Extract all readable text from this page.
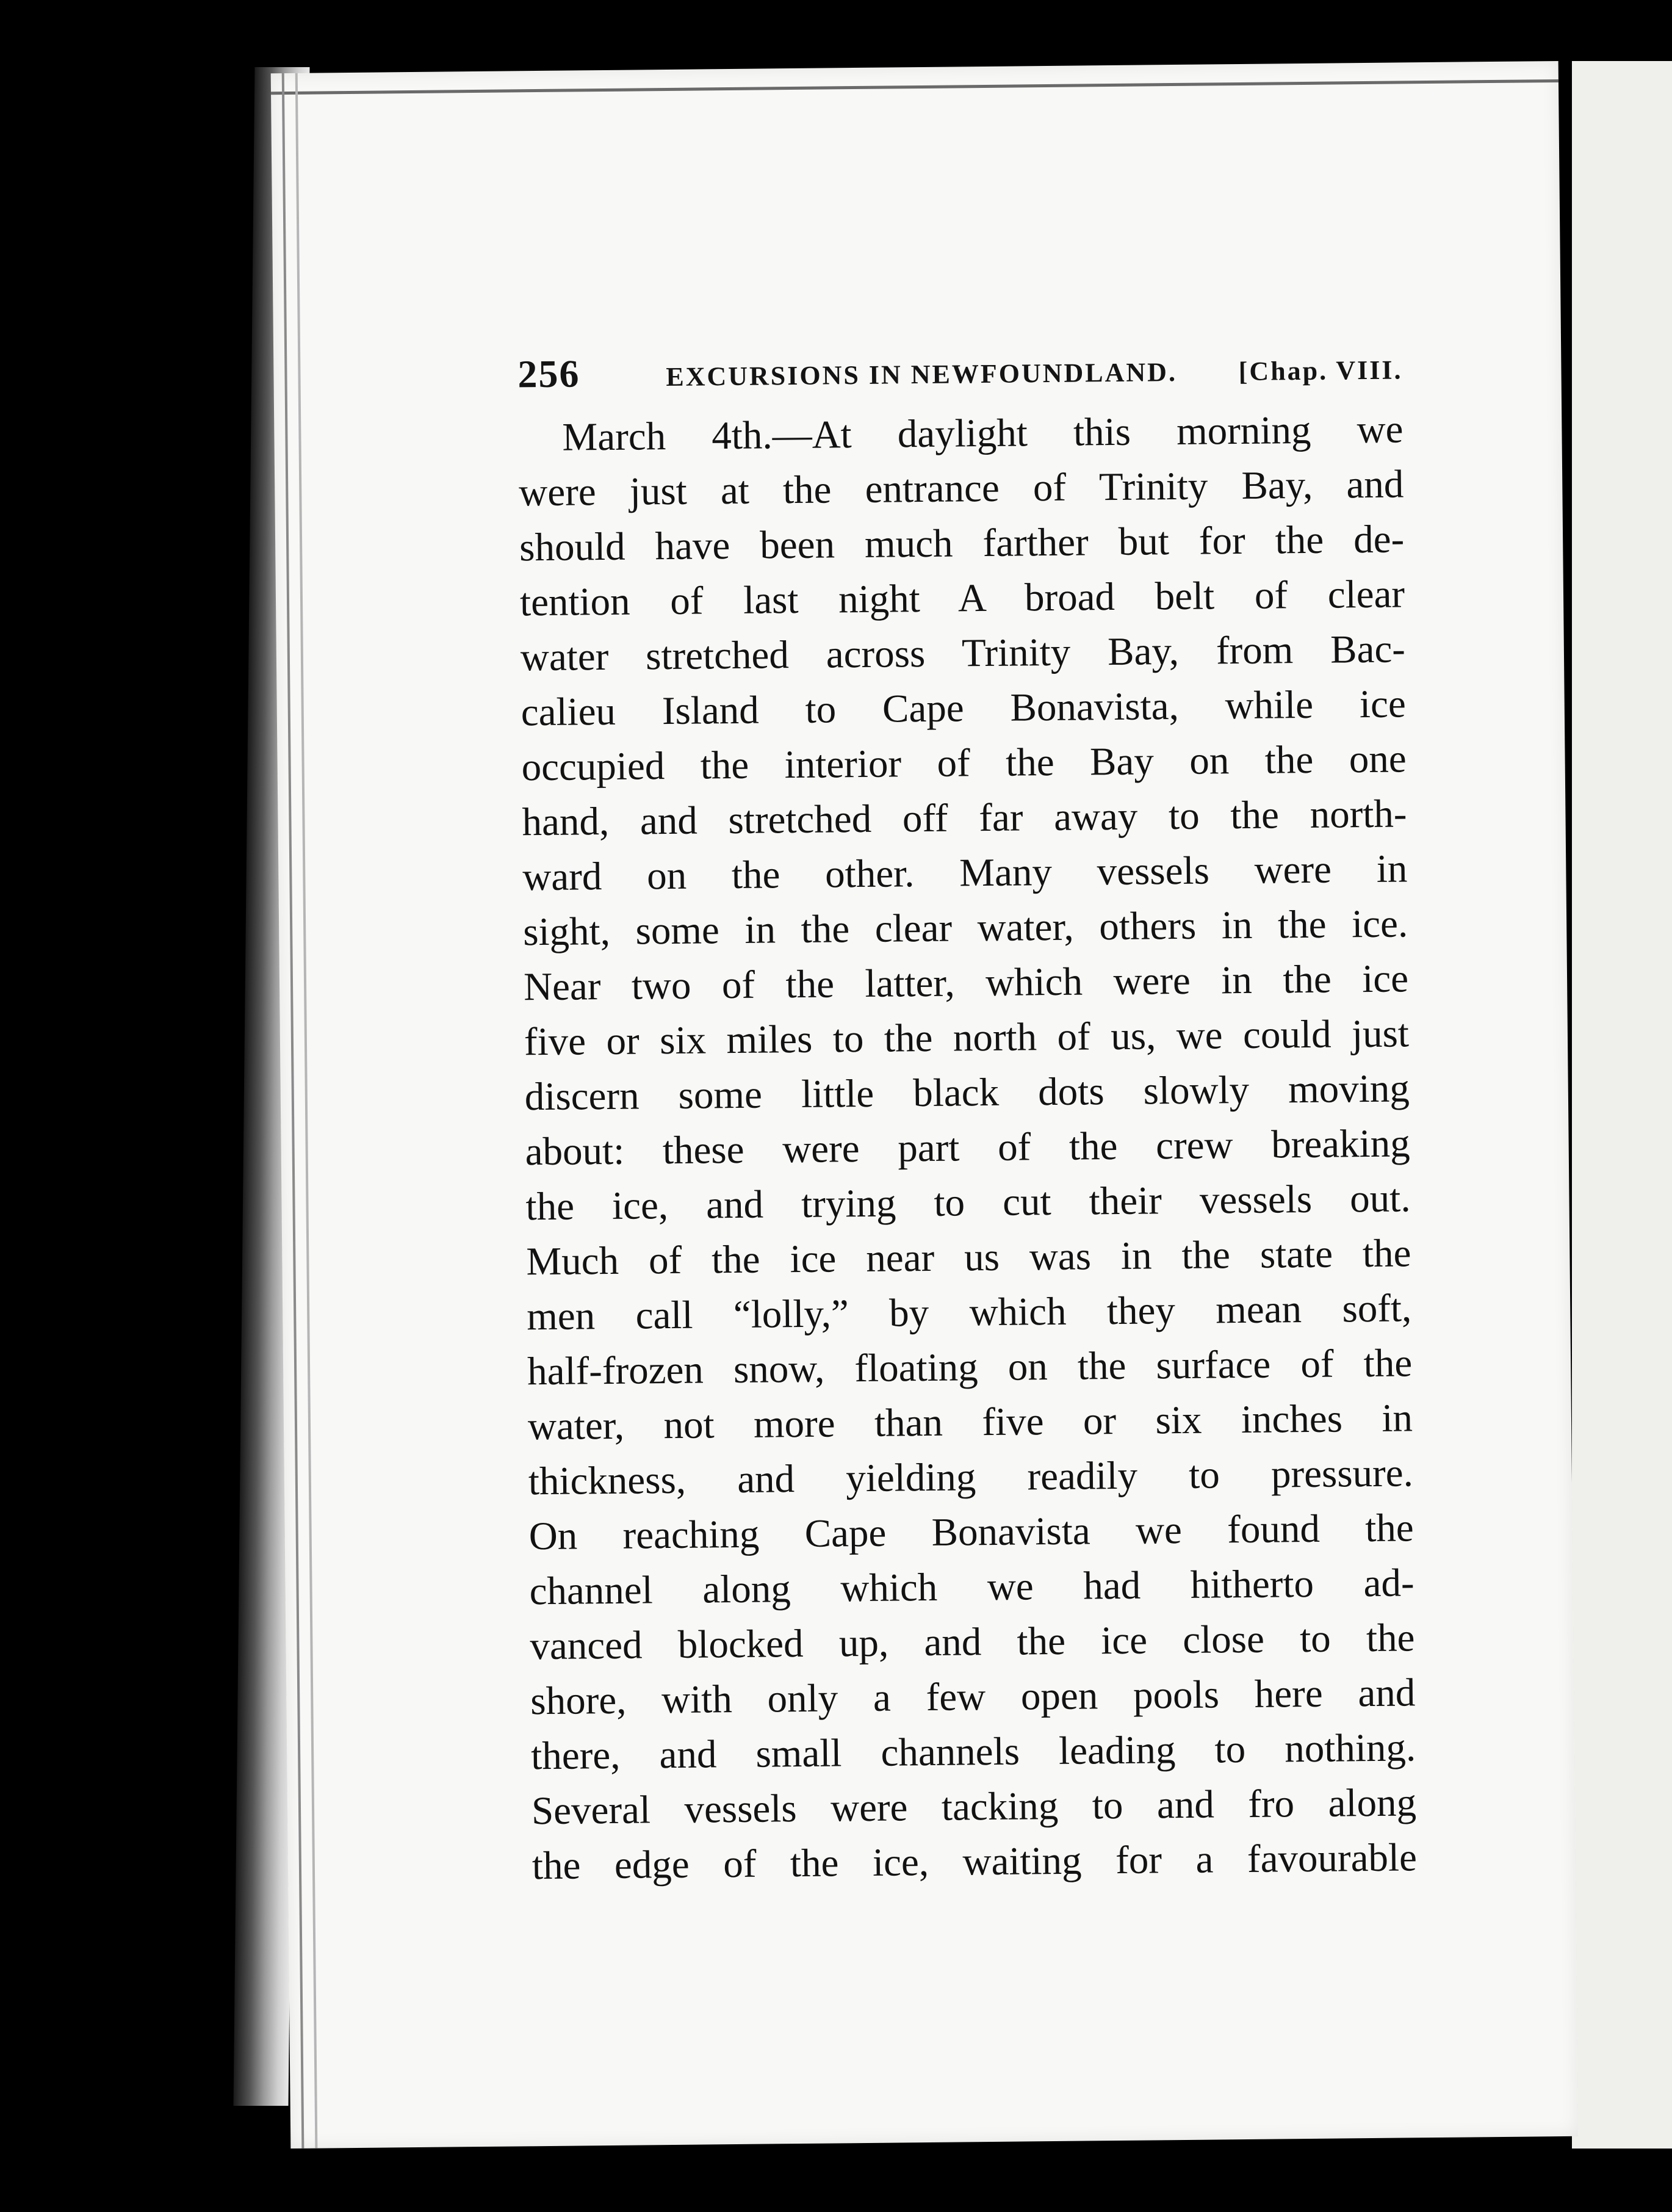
256	EXCURSIONS IN NEWFOUNDLAND. [Chap. VIII.
March 4th.—At daylight this morning we
were just at the entrance of Trinity Bay, and
should have been much farther but for the de-
tention of last night A broad belt of clear
water stretched across Trinity Bay, from Bac-
calieu Island to Cape Bonavista, while ice
occupied the interior of the Bay on the one
hand, and stretched off far away to the north-
ward on the other. Many vessels were in
sight, some in the clear water, others in the ice.
Near two of the latter, which were in the ice
five or six miles to the north of us, we could just
discern some little black dots slowly moving
about: these were part of the crew breaking
the ice, and trying to cut their vessels out.
Much of the ice near us was in the state the
men call “lolly,” by which they mean soft,
half-frozen snow, floating on the surface of the
water, not more than five or six inches in
thickness, and yielding readily to pressure.
On reaching Cape Bonavista we found the
channel along which we had hitherto ad-
vanced blocked up, and the ice close to the
shore, with only a few open pools here and
there, and small channels leading to nothing.
Several vessels were tacking to and fro along
the edge of the ice, waiting for a favourable
